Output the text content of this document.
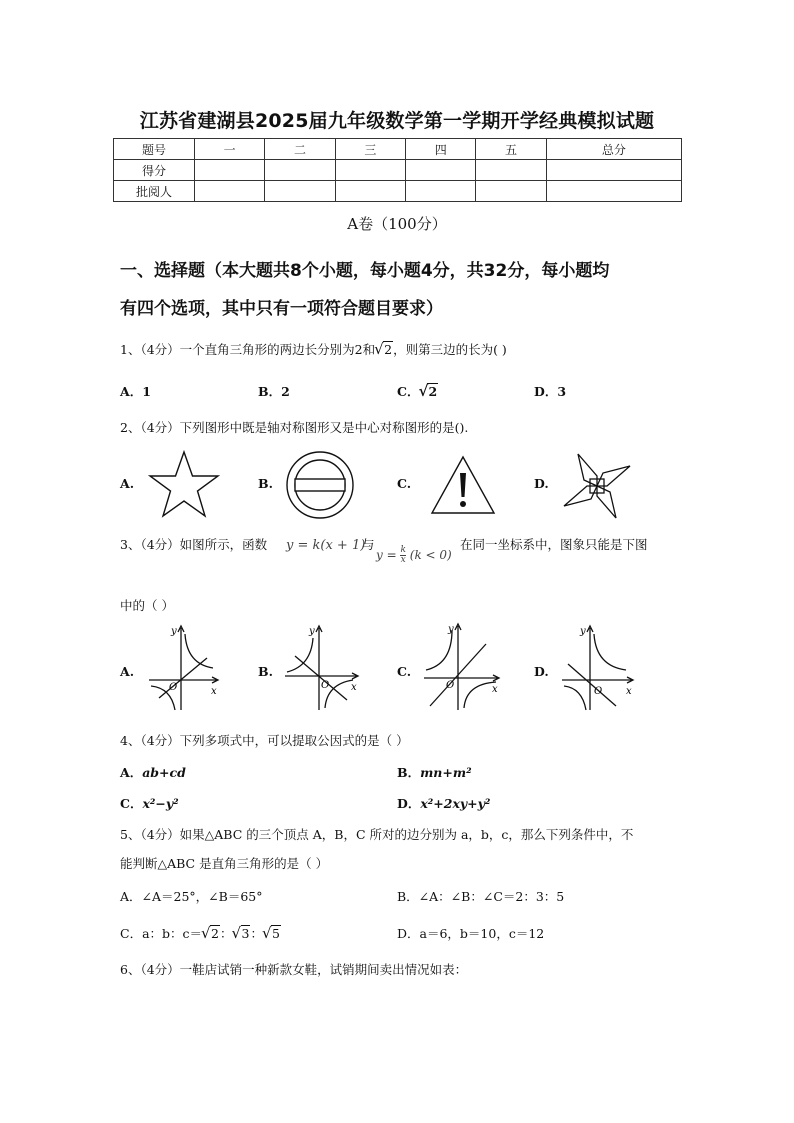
江苏省建湖县2025届九年级数学第一学期开学经典模拟试题
题号	一	二	三	四	五	总分
得分						
批阅人						
A卷（100分）
一、选择题（本大题共8个小题，每小题4分，共32分，每小题均
有四个选项，其中只有一项符合题目要求）
1、（4分）一个直角三角形的两边长分别为2和 √ 2，则第三边的长为( )
A．1	B．2	C． √ 2	D．3
2、（4分）下列图形中既是轴对称图形又是中心对称图形的是().
A.	B.	C.	D.
3、（4分）如图所示，函数	y = k(x + 1)
与
$y = \frac{k}{x} (k < 0)$
在同一坐标系中，图象只能是下图
中的（ ）
A.	B.	C.	D.
y
x
O
y
x
O
y
x
O
y
x
O
4、（4分）下列多项式中，可以提取公因式的是（ ）
A．ab+cd	B．mn+m²
C．x²−y²	D．x²+2xy+y²
5、（4分）如果△ABC 的三个顶点 A，B，C 所对的边分别为 a，b，c，那么下列条件中，不
能判断△ABC 是直角三角形的是（ ）
A．∠A＝25°，∠B＝65°	B．∠A：∠B：∠C＝2：3：5
C．a：b：c＝ √ 2： √ 3： √ 5	D．a＝6，b＝10，c＝12
6、（4分）一鞋店试销一种新款女鞋，试销期间卖出情况如表：
